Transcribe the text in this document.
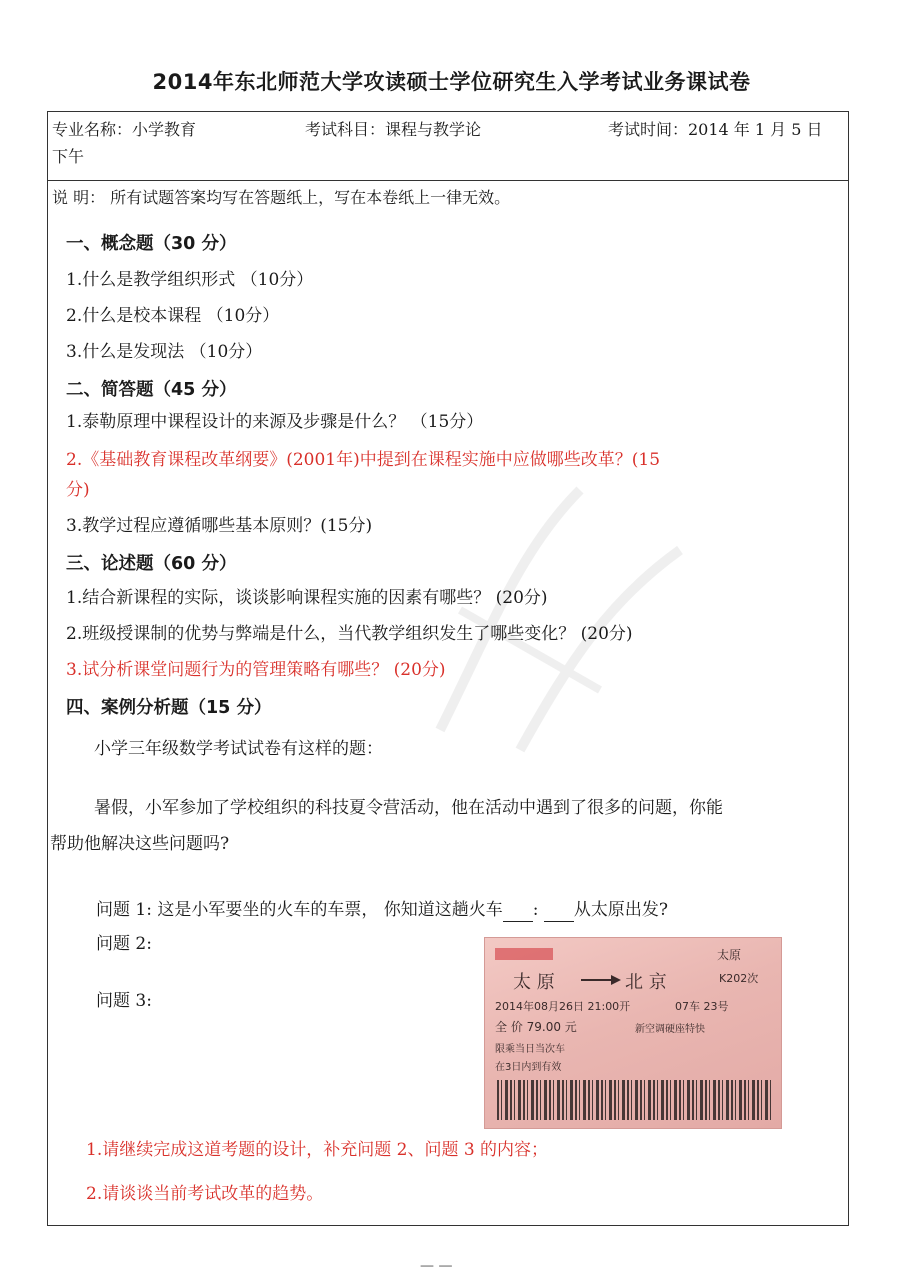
2014年东北师范大学攻读硕士学位研究生入学考试业务课试卷
专业名称：小学教育	考试科目：课程与教学论	考试时间：2014 年 1 月 5 日
下午
说 明： 所有试题答案均写在答题纸上，写在本卷纸上一律无效。
一、概念题（30 分）
1.什么是教学组织形式 （10分）
2.什么是校本课程 （10分）
3.什么是发现法 （10分）
二、简答题（45 分）
1.泰勒原理中课程设计的来源及步骤是什么？ （15分）
2.《基础教育课程改革纲要》(2001年)中提到在课程实施中应做哪些改革？(15
分)
3.教学过程应遵循哪些基本原则？(15分)
三、论述题（60 分）
1.结合新课程的实际，谈谈影响课程实施的因素有哪些？ (20分)
2.班级授课制的优势与弊端是什么，当代教学组织发生了哪些变化？ (20分)
3.试分析课堂问题行为的管理策略有哪些？ (20分)
四、案例分析题（15 分）
小学三年级数学考试试卷有这样的题：
暑假，小军参加了学校组织的科技夏令营活动，他在活动中遇到了很多的问题，你能
帮助他解决这些问题吗?
问题 1: 这是小军要坐的火车的车票， 你知道这趟火车 :  从太原出发?
问题 2:
问题 3:
太原
太 原	北 京	K202次
2014年08月26日 21:00开	07车 23号
全 价 79.00 元	新空调硬座特快
限乘当日当次车
在3日内到有效
1.请继续完成这道考题的设计，补充问题 2、问题 3 的内容；
2.请谈谈当前考试改革的趋势。
— —
